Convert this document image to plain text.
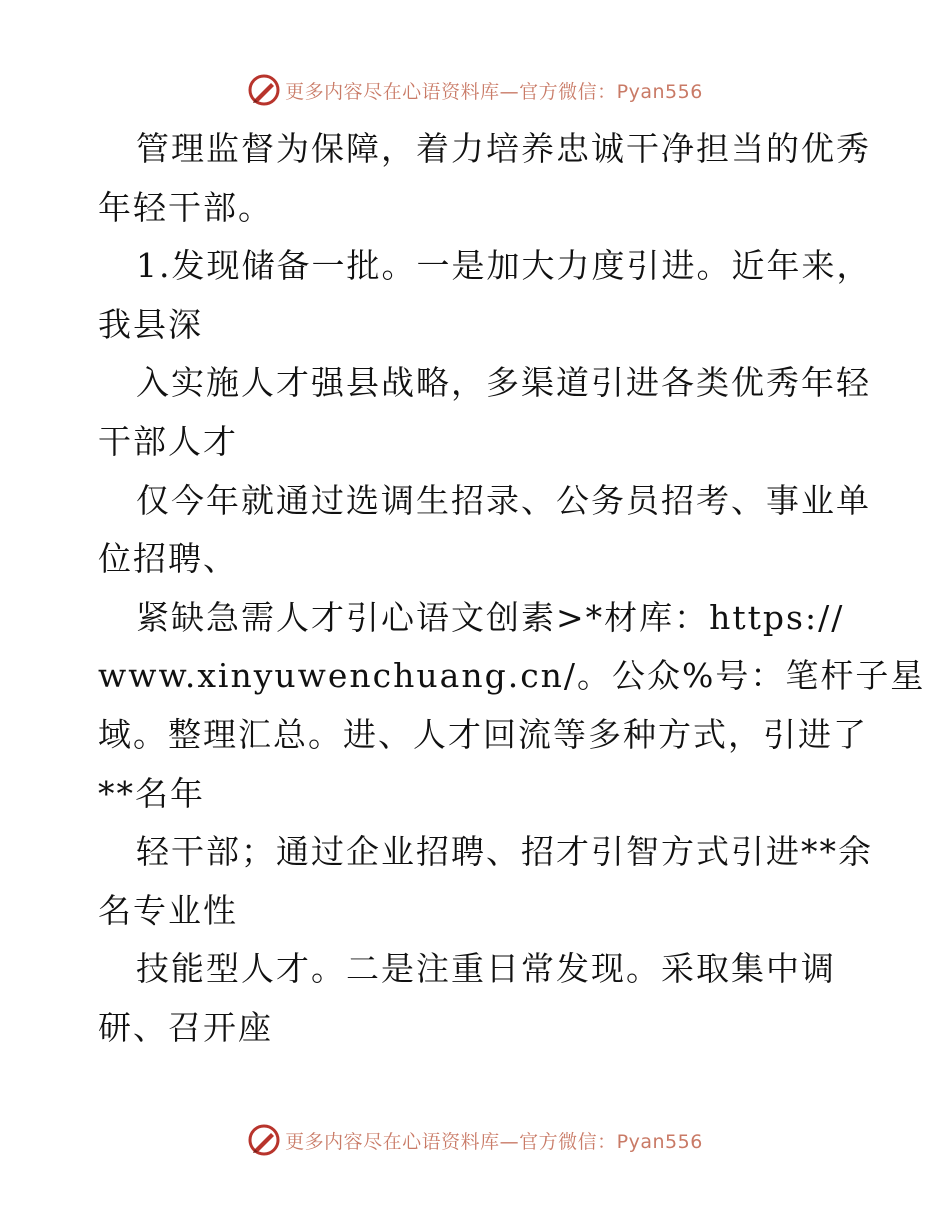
更多内容尽在心语资料库—官方微信：Pyan556
管理监督为保障，着力培养忠诚干净担当的优秀
年轻干部。
1.发现储备一批。一是加大力度引进。近年来，
我县深
入实施人才强县战略，多渠道引进各类优秀年轻
干部人才
仅今年就通过选调生招录、公务员招考、事业单
位招聘、
紧缺急需人才引心语文创素>*材库：https://
www.xinyuwenchuang.cn/。公众%号：笔杆子星
域。整理汇总。进、人才回流等多种方式，引进了
**名年
轻干部；通过企业招聘、招才引智方式引进**余
名专业性
技能型人才。二是注重日常发现。采取集中调
研、召开座
更多内容尽在心语资料库—官方微信：Pyan556
